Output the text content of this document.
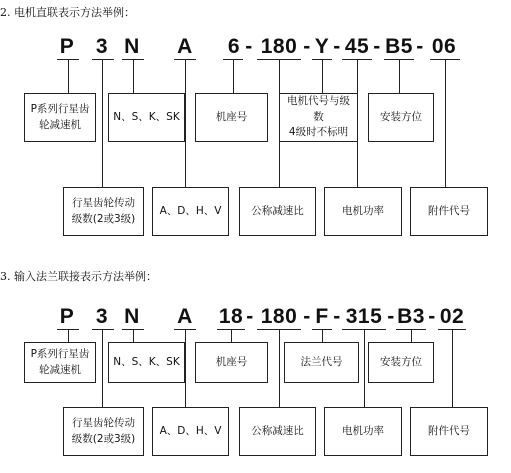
2. 电机直联表示方法举例：
P 3 N A 6 - 180 - Y - 45 - B5 - 06
P系列行星齿轮减速机
N、S、K、SK	机座号
电机代号与级数
4级时不标明
安装方位
行星齿轮传动
级数(2或3级)
A、D、H、V	公称减速比	电机功率	附件代号
3. 输入法兰联接表示方法举例：
P 3 N A 18 - 180 - F - 315 - B3 - 02
P系列行星齿轮减速机
N、S、K、SK	机座号	法兰代号	安装方位
行星齿轮传动
级数(2或3级)
A、D、H、V	公称减速比	电机功率	附件代号
